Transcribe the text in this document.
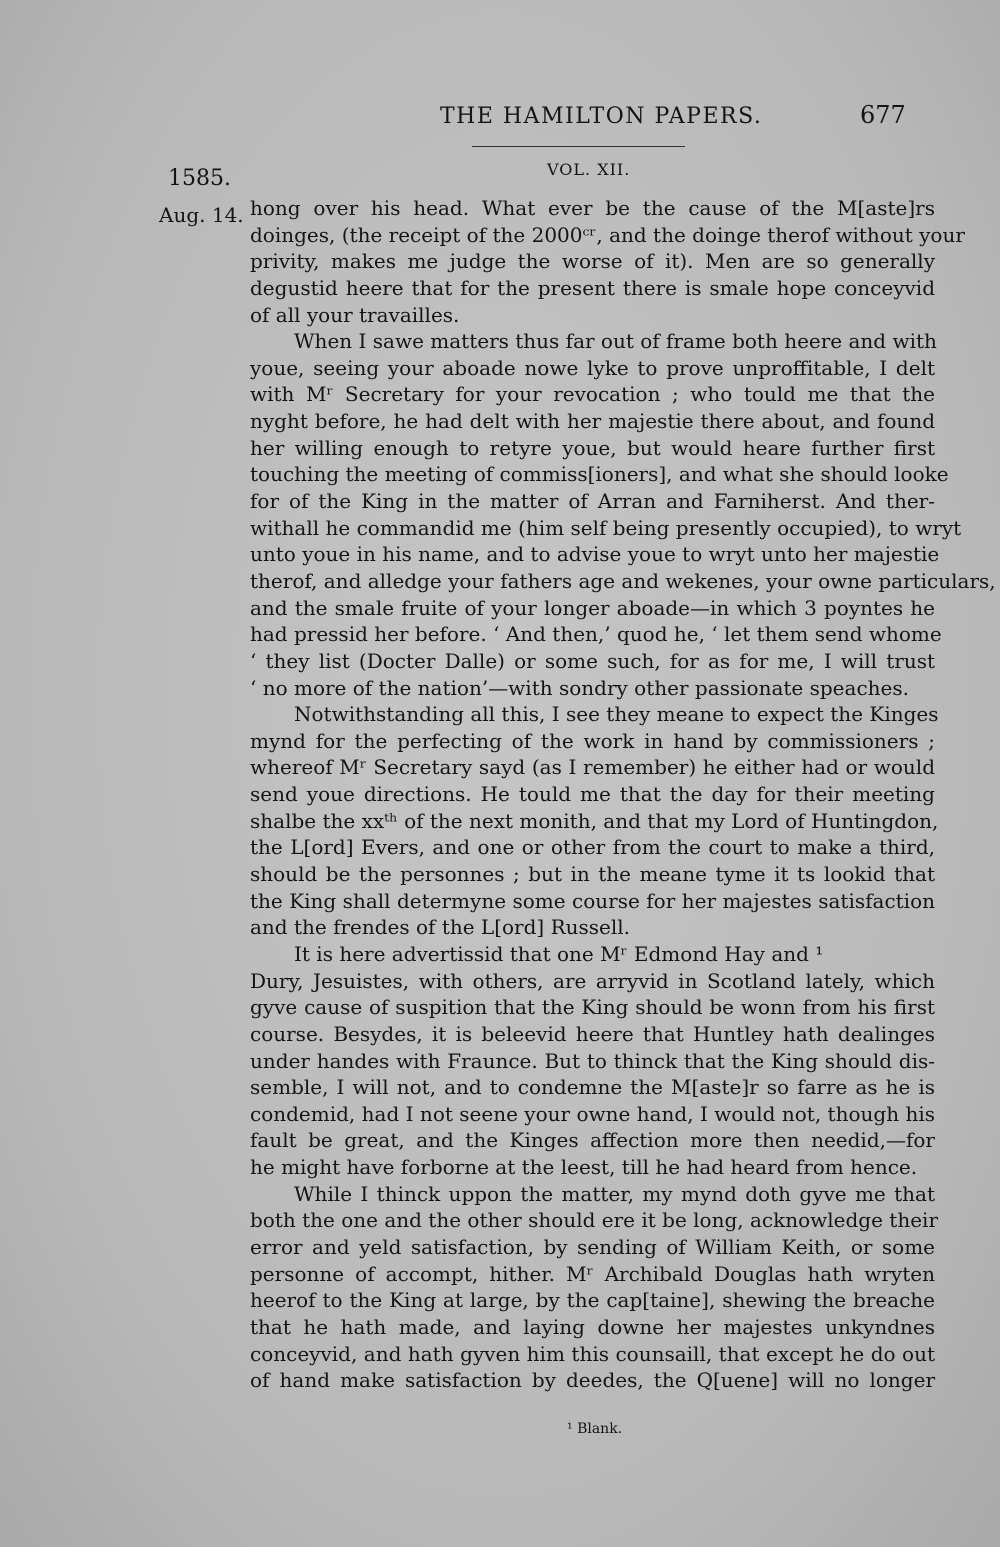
THE HAMILTON PAPERS.	677
1585.	VOL. XII.
Aug. 14. hong over his head. What ever be the cause of the M[aste]rs
doinges, (the receipt of the 2000ᶜʳ, and the doinge therof without your
privity, makes me judge the worse of it). Men are so generally
degustid heere that for the present there is smale hope conceyvid
of all your travailles.
When I sawe matters thus far out of frame both heere and with
youe, seeing your aboade nowe lyke to prove unproffitable, I delt
with Mʳ Secretary for your revocation ; who tould me that the
nyght before, he had delt with her majestie there about, and found
her willing enough to retyre youe, but would heare further first
touching the meeting of commiss[ioners], and what she should looke
for of the King in the matter of Arran and Farniherst. And ther-
withall he commandid me (him self being presently occupied), to wryt
unto youe in his name, and to advise youe to wryt unto her majestie
therof, and alledge your fathers age and wekenes, your owne particulars,
and the smale fruite of your longer aboade—in which 3 poyntes he
had pressid her before. ‘ And then,’ quod he, ‘ let them send whome
‘ they list (Docter Dalle) or some such, for as for me, I will trust
‘ no more of the nation’—with sondry other passionate speaches.
Notwithstanding all this, I see they meane to expect the Kinges
mynd for the perfecting of the work in hand by commissioners ;
whereof Mʳ Secretary sayd (as I remember) he either had or would
send youe directions. He tould me that the day for their meeting
shalbe the xxᵗʰ of the next monith, and that my Lord of Huntingdon,
the L[ord] Evers, and one or other from the court to make a third,
should be the personnes ; but in the meane tyme it ts lookid that
the King shall determyne some course for her majestes satisfaction
and the frendes of the L[ord] Russell.
It is here advertissid that one Mʳ Edmond Hay and ¹
Dury, Jesuistes, with others, are arryvid in Scotland lately, which
gyve cause of suspition that the King should be wonn from his first
course. Besydes, it is beleevid heere that Huntley hath dealinges
under handes with Fraunce. But to thinck that the King should dis-
semble, I will not, and to condemne the M[aste]r so farre as he is
condemid, had I not seene your owne hand, I would not, though his
fault be great, and the Kinges affection more then needid,—for
he might have forborne at the leest, till he had heard from hence.
While I thinck uppon the matter, my mynd doth gyve me that
both the one and the other should ere it be long, acknowledge their
error and yeld satisfaction, by sending of William Keith, or some
personne of accompt, hither. Mʳ Archibald Douglas hath wryten
heerof to the King at large, by the cap[taine], shewing the breache
that he hath made, and laying downe her majestes unkyndnes
conceyvid, and hath gyven him this counsaill, that except he do out
of hand make satisfaction by deedes, the Q[uene] will no longer
¹ Blank.
